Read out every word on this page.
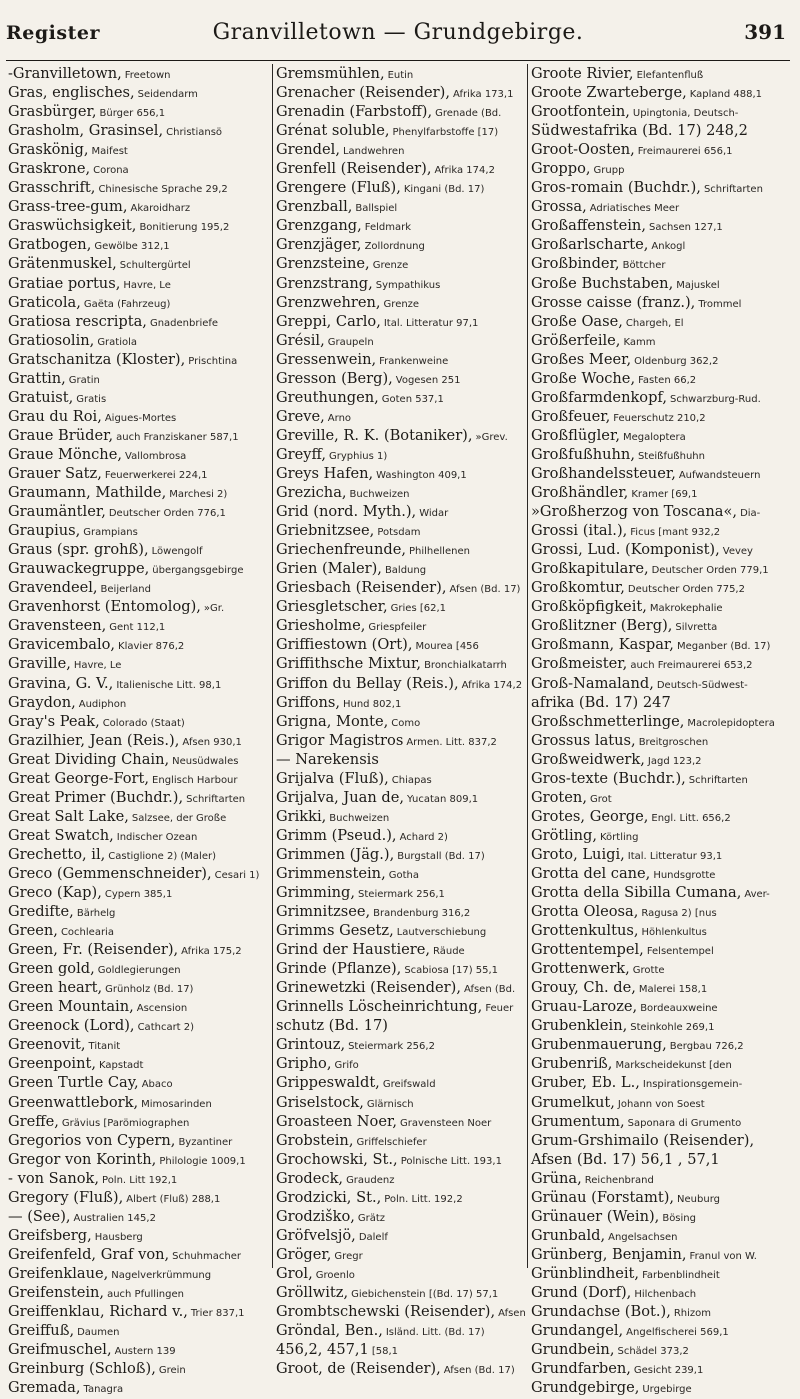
Register	Granvilletown — Grundgebirge.	391
-Granvilletown, Freetown
Gras, englisches, Seidendarm
Grasbürger, Bürger 656,1
Grasholm, Grasinsel, Christiansö
Graskönig, Maifest
Graskrone, Corona
Grasschrift, Chinesische Sprache 29,2
Grass-tree-gum, Akaroidharz
Graswüchsigkeit, Bonitierung 195,2
Gratbogen, Gewölbe 312,1
Grätenmuskel, Schultergürtel
Gratiae portus, Havre, Le
Graticola, Gaëta (Fahrzeug)
Gratiosa rescripta, Gnadenbriefe
Gratiosolin, Gratiola
Gratschanitza (Kloster), Prischtina
Grattin, Gratin
Gratuist, Gratis
Grau du Roi, Aigues-Mortes
Graue Brüder, auch Franziskaner 587,1
Graue Mönche, Vallombrosa
Grauer Satz, Feuerwerkerei 224,1
Graumann, Mathilde, Marchesi 2)
Graumäntler, Deutscher Orden 776,1
Graupius, Grampians
Graus (spr. grohß), Löwengolf
Grauwackegruppe, übergangsgebirge
Gravendeel, Beijerland
Gravenhorst (Entomolog), »Gr.
Gravensteen, Gent 112,1
Gravicembalo, Klavier 876,2
Graville, Havre, Le
Gravina, G. V., Italienische Litt. 98,1
Graydon, Audiphon
Gray's Peak, Colorado (Staat)
Grazilhier, Jean (Reis.), Afsen 930,1
Great Dividing Chain, Neusüdwales
Great George-Fort, Englisch Harbour
Great Primer (Buchdr.), Schriftarten
Great Salt Lake, Salzsee, der Große
Great Swatch, Indischer Ozean
Grechetto, il, Castiglione 2) (Maler)
Greco (Gemmenschneider), Cesari 1)
Greco (Kap), Cypern 385,1
Gredifte, Bärhelg
Green, Cochlearia
Green, Fr. (Reisender), Afrika 175,2
Green gold, Goldlegierungen
Green heart, Grünholz (Bd. 17)
Green Mountain, Ascension
Greenock (Lord), Cathcart 2)
Greenovit, Titanit
Greenpoint, Kapstadt
Green Turtle Cay, Abaco
Greenwattlebork, Mimosarinden
Greffe, Grävius [Parömiographen
Gregorios von Cypern, Byzantiner
Gregor von Korinth, Philologie 1009,1
- von Sanok, Poln. Litt 192,1
Gregory (Fluß), Albert (Fluß) 288,1
— (See), Australien 145,2
Greifsberg, Hausberg
Greifenfeld, Graf von, Schuhmacher
Greifenklaue, Nagelverkrümmung
Greifenstein, auch Pfullingen
Greiffenklau, Richard v., Trier 837,1
Greiffuß, Daumen
Greifmuschel, Austern 139
Greinburg (Schloß), Grein
Gremada, Tanagra
Gremsmühlen, Eutin
Grenacher (Reisender), Afrika 173,1
Grenadin (Farbstoff), Grenade (Bd.
Grénat soluble, Phenylfarbstoffe [17)
Grendel, Landwehren
Grenfell (Reisender), Afrika 174,2
Grengere (Fluß), Kingani (Bd. 17)
Grenzball, Ballspiel
Grenzgang, Feldmark
Grenzjäger, Zollordnung
Grenzsteine, Grenze
Grenzstrang, Sympathikus
Grenzwehren, Grenze
Greppi, Carlo, Ital. Litteratur 97,1
Grésil, Graupeln
Gressenwein, Frankenweine
Gresson (Berg), Vogesen 251
Greuthungen, Goten 537,1
Greve, Arno
Greville, R. K. (Botaniker), »Grev.
Greyff, Gryphius 1)
Greys Hafen, Washington 409,1
Grezicha, Buchweizen
Grid (nord. Myth.), Widar
Griebnitzsee, Potsdam
Griechenfreunde, Philhellenen
Grien (Maler), Baldung
Griesbach (Reisender), Afsen (Bd. 17)
Griesgletscher, Gries [62,1
Griesholme, Griespfeiler
Griffiestown (Ort), Mourea [456
Griffithsche Mixtur, Bronchialkatarrh
Griffon du Bellay (Reis.), Afrika 174,2
Griffons, Hund 802,1
Grigna, Monte, Como
Grigor Magistros Armen. Litt. 837,2
— Narekensis
Grijalva (Fluß), Chiapas
Grijalva, Juan de, Yucatan 809,1
Grikki, Buchweizen
Grimm (Pseud.), Achard 2)
Grimmen (Jäg.), Burgstall (Bd. 17)
Grimmenstein, Gotha
Grimming, Steiermark 256,1
Grimnitzsee, Brandenburg 316,2
Grimms Gesetz, Lautverschiebung
Grind der Haustiere, Räude
Grinde (Pflanze), Scabiosa [17) 55,1
Grinewetzki (Reisender), Afsen (Bd.
Grinnells Löscheinrichtung, Feuer
schutz (Bd. 17)
Grintouz, Steiermark 256,2
Gripho, Grifo
Grippeswaldt, Greifswald
Griselstock, Glärnisch
Groasteen Noer, Gravensteen Noer
Grobstein, Griffelschiefer
Grochowski, St., Polnische Litt. 193,1
Grodeck, Graudenz
Grodzicki, St., Poln. Litt. 192,2
Grodziško, Grätz
Gröfvelsjö, Dalelf
Gröger, Gregr
Grol, Groenlo
Gröllwitz, Giebichenstein [(Bd. 17) 57,1
Grombtschewski (Reisender), Afsen
Gröndal, Ben., Isländ. Litt. (Bd. 17)
456,2, 457,1 [58,1
Groot, de (Reisender), Afsen (Bd. 17)
Groote Rivier, Elefantenfluß
Groote Zwarteberge, Kapland 488,1
Grootfontein, Upingtonia, Deutsch-
Südwestafrika (Bd. 17) 248,2
Groot-Oosten, Freimaurerei 656,1
Groppo, Grupp
Gros-romain (Buchdr.), Schriftarten
Grossa, Adriatisches Meer
Großaffenstein, Sachsen 127,1
Großarlscharte, Ankogl
Großbinder, Böttcher
Große Buchstaben, Majuskel
Grosse caisse (franz.), Trommel
Große Oase, Chargeh, El
Größerfeile, Kamm
Großes Meer, Oldenburg 362,2
Große Woche, Fasten 66,2
Großfarmdenkopf, Schwarzburg-Rud.
Großfeuer, Feuerschutz 210,2
Großflügler, Megaloptera
Großfußhuhn, Steißfußhuhn
Großhandelssteuer, Aufwandsteuern
Großhändler, Kramer [69,1
»Großherzog von Toscana«, Dia-
Grossi (ital.), Ficus [mant 932,2
Grossi, Lud. (Komponist), Vevey
Großkapitulare, Deutscher Orden 779,1
Großkomtur, Deutscher Orden 775,2
Großköpfigkeit, Makrokephalie
Großlitzner (Berg), Silvretta
Großmann, Kaspar, Meganber (Bd. 17)
Großmeister, auch Freimaurerei 653,2
Groß-Namaland, Deutsch-Südwest-
afrika (Bd. 17) 247
Großschmetterlinge, Macrolepidoptera
Grossus latus, Breitgroschen
Großweidwerk, Jagd 123,2
Gros-texte (Buchdr.), Schriftarten
Groten, Grot
Grotes, George, Engl. Litt. 656,2
Grötling, Körtling
Groto, Luigi, Ital. Litteratur 93,1
Grotta del cane, Hundsgrotte
Grotta della Sibilla Cumana, Aver-
Grotta Oleosa, Ragusa 2) [nus
Grottenkultus, Höhlenkultus
Grottentempel, Felsentempel
Grottenwerk, Grotte
Grouy, Ch. de, Malerei 158,1
Gruau-Laroze, Bordeauxweine
Grubenklein, Steinkohle 269,1
Grubenmauerung, Bergbau 726,2
Grubenriß, Markscheidekunst [den
Gruber, Eb. L., Inspirationsgemein-
Grumelkut, Johann von Soest
Grumentum, Saponara di Grumento
Grum-Grshimailo (Reisender),
Afsen (Bd. 17) 56,1 , 57,1
Grüna, Reichenbrand
Grünau (Forstamt), Neuburg
Grünauer (Wein), Bösing
Grunbald, Angelsachsen
Grünberg, Benjamin, Franul von W.
Grünblindheit, Farbenblindheit
Grund (Dorf), Hilchenbach
Grundachse (Bot.), Rhizom
Grundangel, Angelfischerei 569,1
Grundbein, Schädel 373,2
Grundfarben, Gesicht 239,1
Grundgebirge, Urgebirge
